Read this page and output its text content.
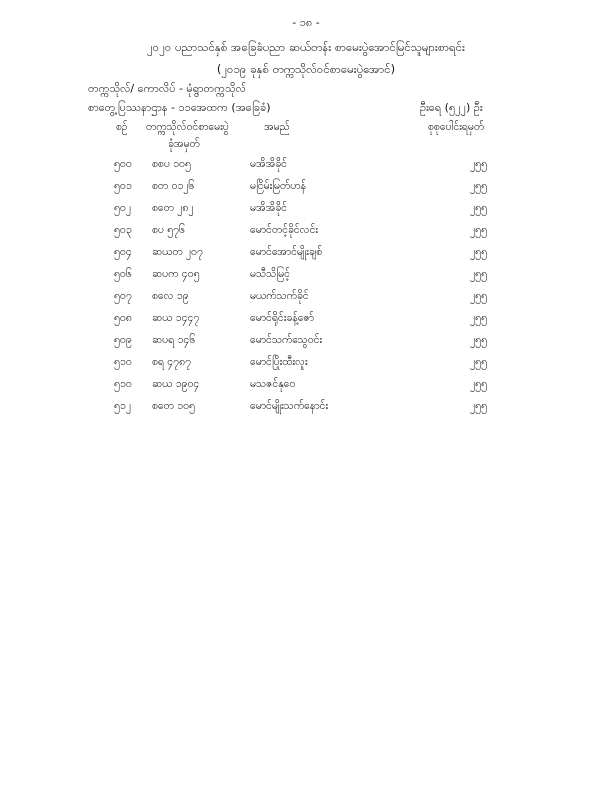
- ၁၈ -
၂၀၂၀ ပညာသင်နှစ် အခြေခံပညာ ဆယ်တန်း စာမေးပွဲအောင်မြင်သူများစာရင်း
(၂၀၁၉ ခုနှစ် တက္ကသိုလ်ဝင်စာမေးပွဲအောင်)
တက္ကသိုလ်/ ကောလိပ် - မုံရွာတက္ကသိုလ်
စာတွေ့ပြဿနာဌာန - ၁၁အေထက (အခြေခံ)	ဦးရေ (၅၂၂) ဦး
စဉ် တက္ကသိုလ်ဝင်စာမေးပွဲ
ခုံအမှတ်
အမည်	စုစုပေါင်းရမှတ်
၅၀၀ စစပ ၁၀၅	မအိအိခိုင်	၂၅၅
၅၀၁ စတ ၀၁၂၆	မငြိမ်းမြတ်ဟန်	၂၅၅
၅၀၂ စတေ ၂၈၂	မအိအိခိုင်	၂၅၅
၅၀၃ စပ ၅၇၆	မောင်တင့်ခိုင်လင်း	၂၅၅
၅၀၄ ဆယတ ၂၀၇	မောင်အောင်မျိုးချစ်	၂၅၅
၅၀၆ ဆပက ၄၀၅	မသီသိမြင့်	၂၅၅
၅၀၇ စလေ ၁၉	မယက်သက်ခိုင်	၂၅၅
၅၀၈ ဆယ ၁၄၄၇	မောင်ရိုင်းခန့်ဇော်	၂၅၅
၅၀၉ ဆပရ ၁၄၆	မောင်သက်သွေဝင်း	၂၅၅
၅၁၀ စရ ၄၇၈၇	မောင်ပြိုးထီးလူး	၂၅၅
၅၁၀ ဆယ ၁၉၀၄	မသဇင်နုဝေ	၂၅၅
၅၁၂ စတေ ၁၀၅	မောင်မျိုးသက်နောင်း	၂၅၅
